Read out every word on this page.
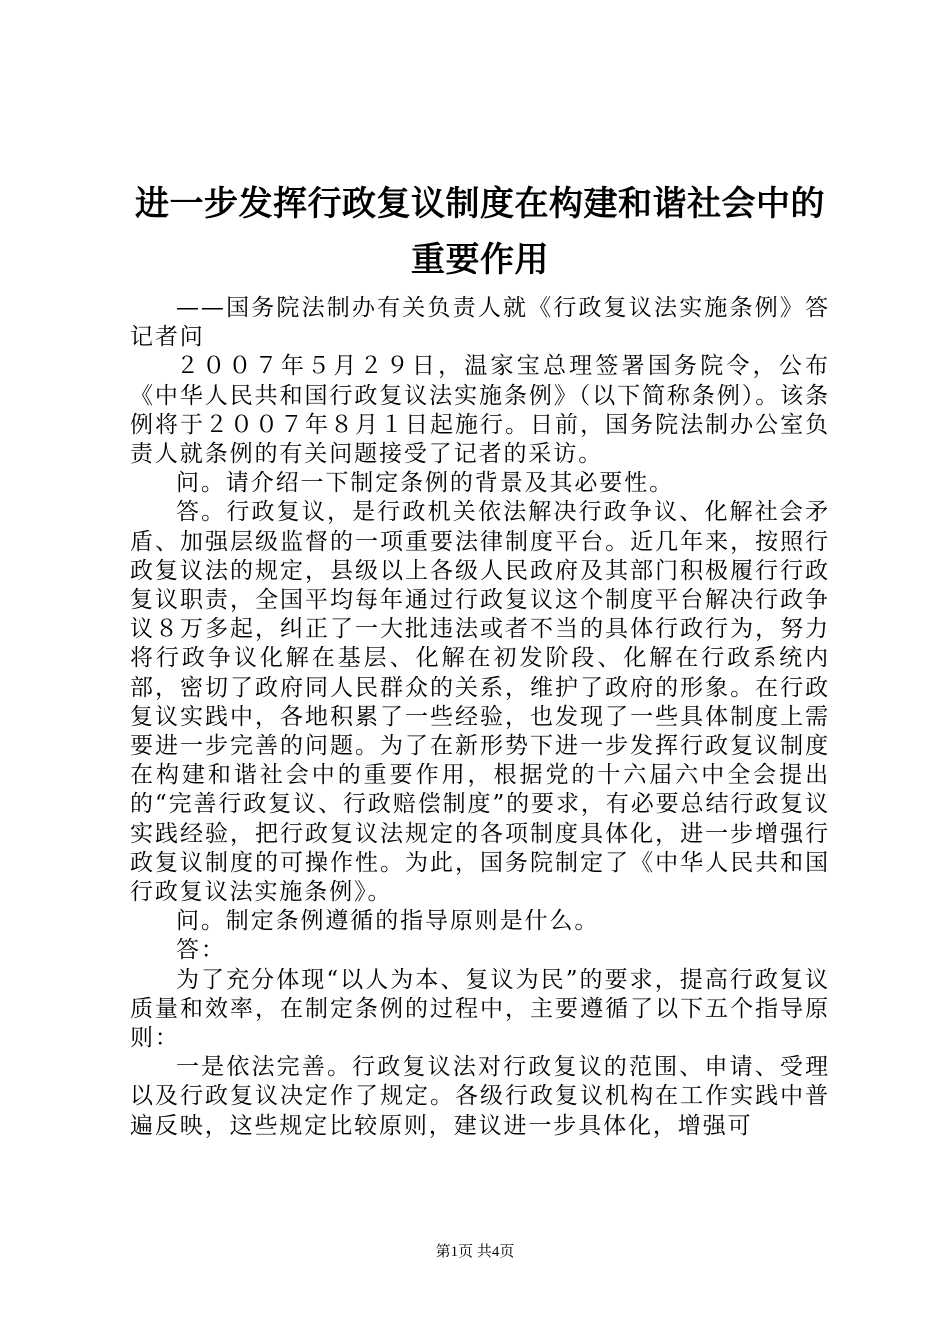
进一步发挥行政复议制度在构建和谐社会中的
重要作用

——国务院法制办有关负责人就《行政复议法实施条例》答记者问

２００７年５月２９日，温家宝总理签署国务院令，公布《中华人民共和国行政复议法实施条例》（以下简称条例）。该条例将于２００７年８月１日起施行。日前，国务院法制办公室负责人就条例的有关问题接受了记者的采访。

问。请介绍一下制定条例的背景及其必要性。

答。行政复议，是行政机关依法解决行政争议、化解社会矛盾、加强层级监督的一项重要法律制度平台。近几年来，按照行政复议法的规定，县级以上各级人民政府及其部门积极履行行政复议职责，全国平均每年通过行政复议这个制度平台解决行政争议８万多起，纠正了一大批违法或者不当的具体行政行为，努力将行政争议化解在基层、化解在初发阶段、化解在行政系统内部，密切了政府同人民群众的关系，维护了政府的形象。在行政复议实践中，各地积累了一些经验，也发现了一些具体制度上需要进一步完善的问题。为了在新形势下进一步发挥行政复议制度在构建和谐社会中的重要作用，根据党的十六届六中全会提出的“完善行政复议、行政赔偿制度”的要求，有必要总结行政复议实践经验，把行政复议法规定的各项制度具体化，进一步增强行政复议制度的可操作性。为此，国务院制定了《中华人民共和国行政复议法实施条例》。

问。制定条例遵循的指导原则是什么。

答：

为了充分体现“以人为本、复议为民”的要求，提高行政复议质量和效率，在制定条例的过程中，主要遵循了以下五个指导原则：

一是依法完善。行政复议法对行政复议的范围、申请、受理以及行政复议决定作了规定。各级行政复议机构在工作实践中普遍反映，这些规定比较原则，建议进一步具体化，增强可

第1页 共4页
